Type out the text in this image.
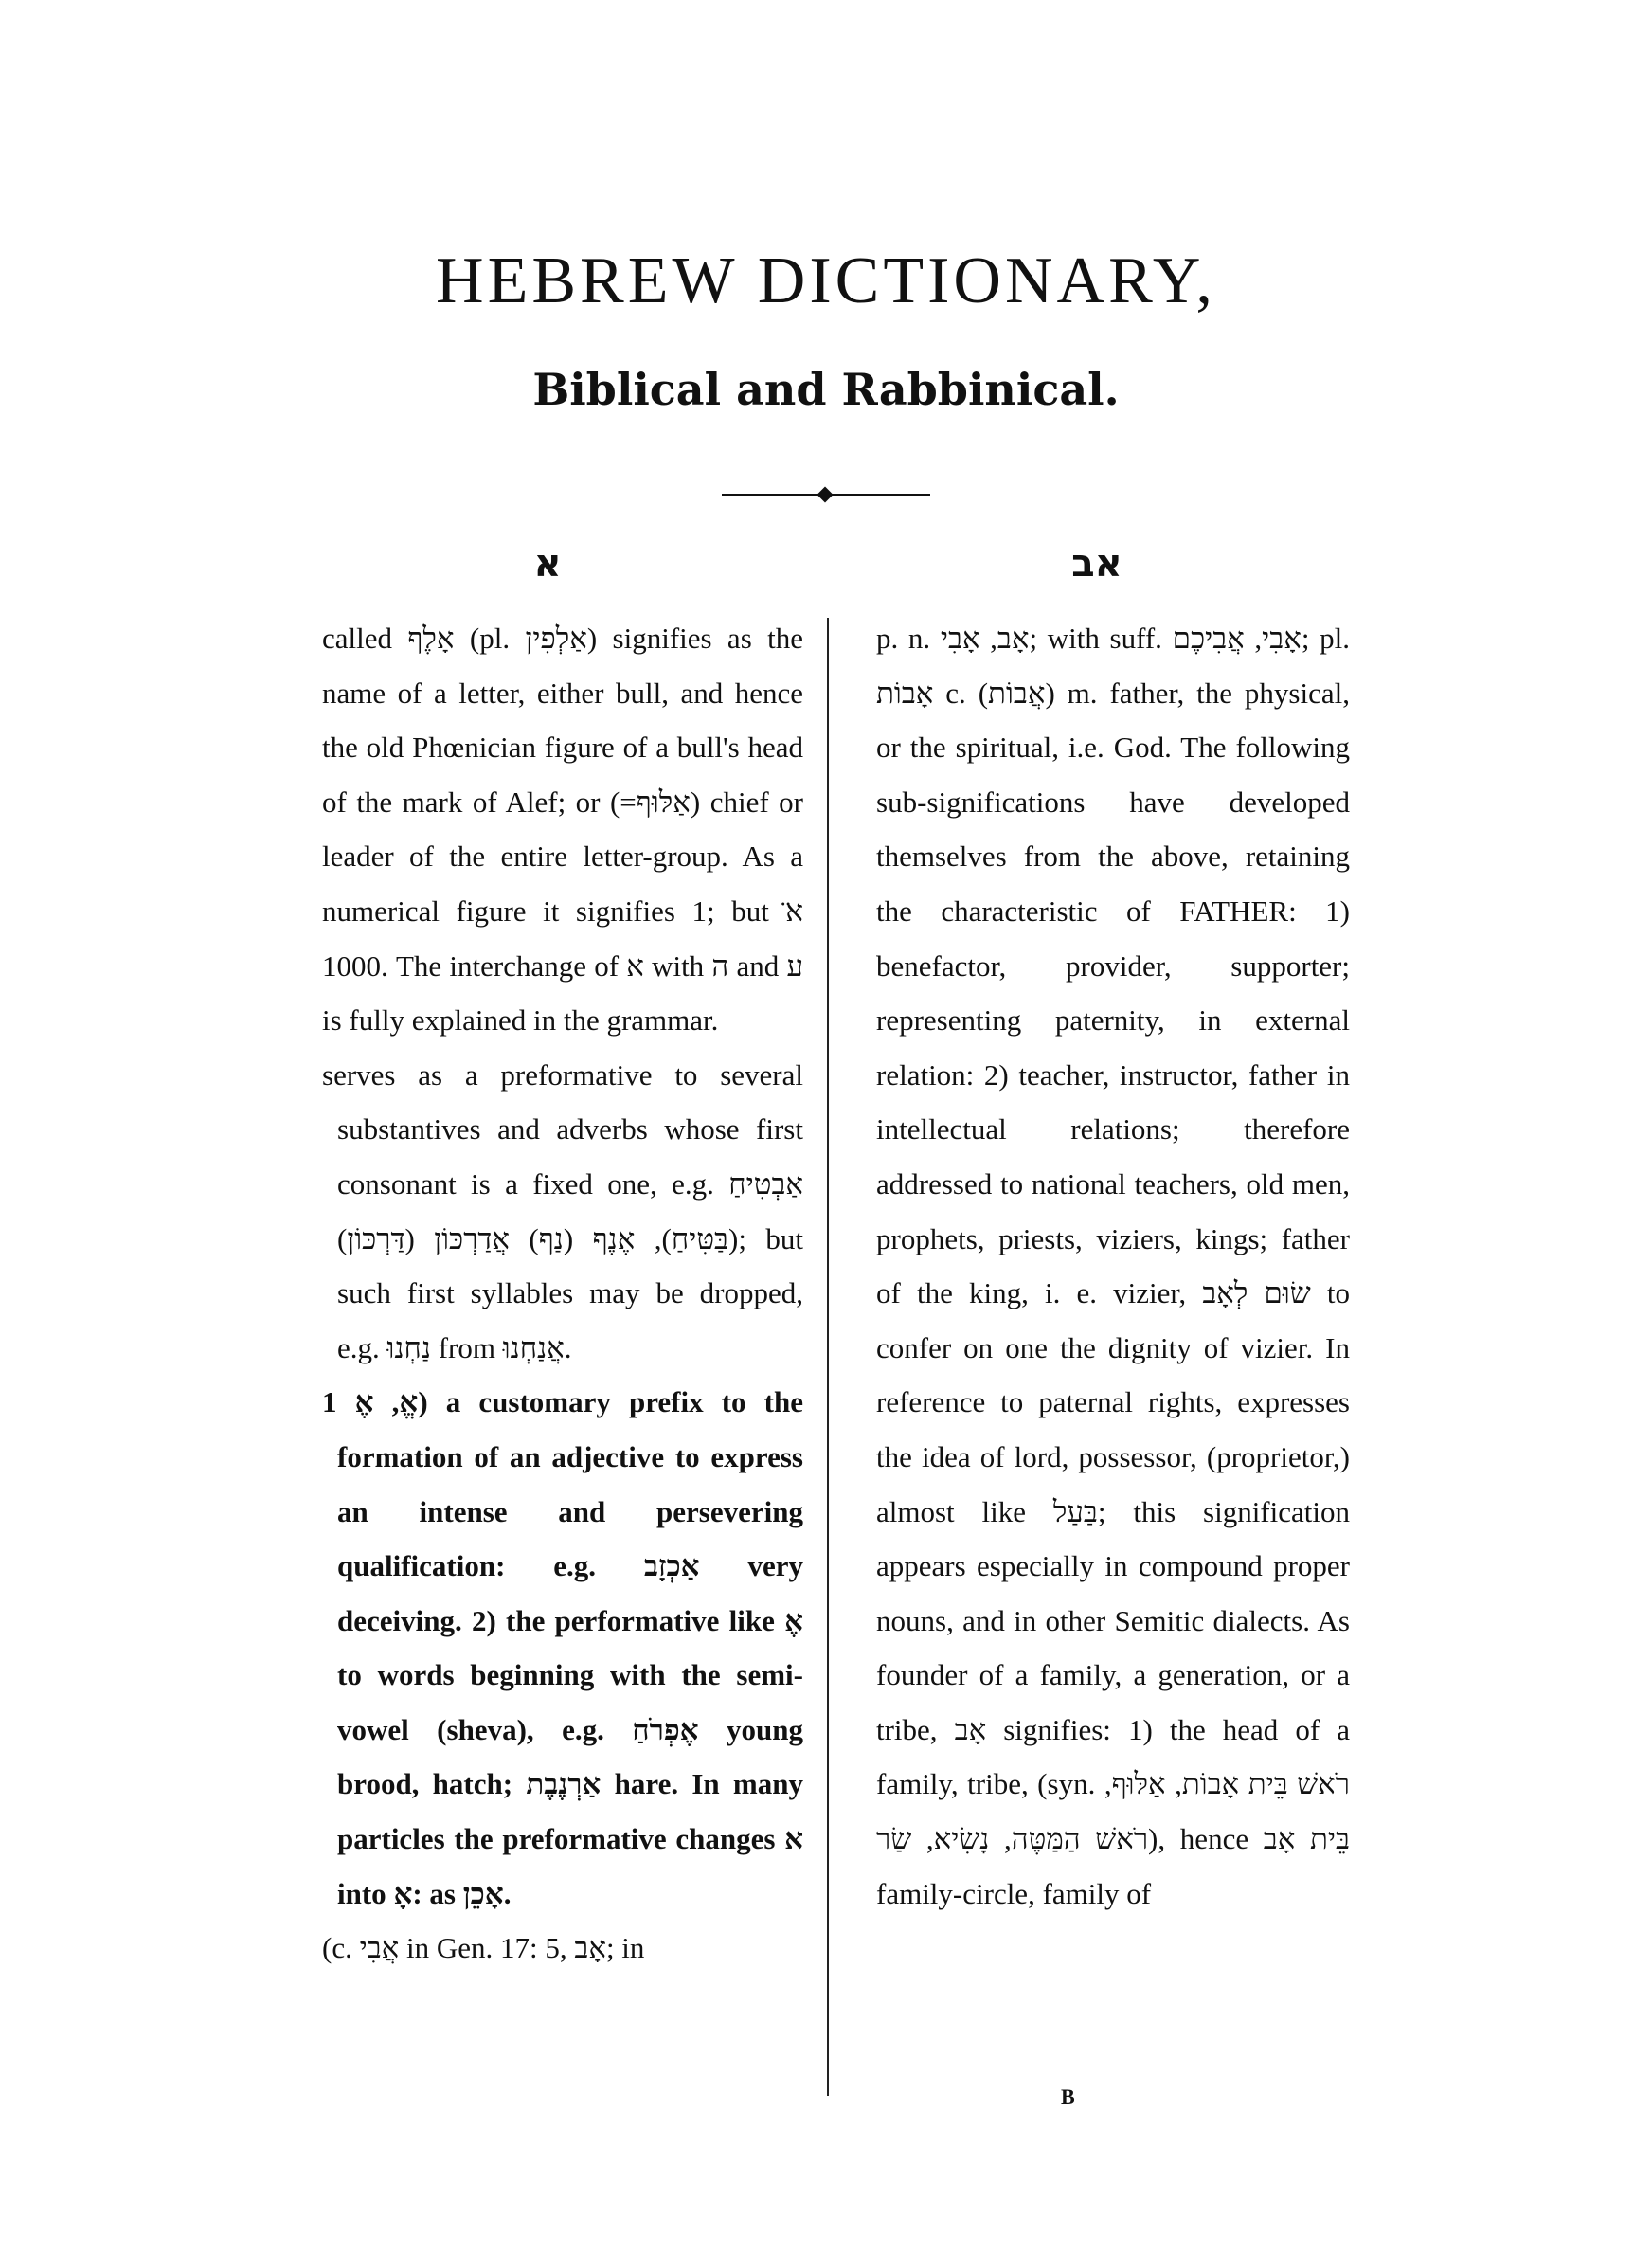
HEBREW DICTIONARY,
Biblical and Rabbinical.
א	אב

called אָלֶף (pl. אַלְפִין) signifies as the name of a letter, either bull, and hence the old Phœnician figure of a bull's head of the mark of Alef; or (=אַלּוּף) chief or leader of the entire letter-group. As a numerical figure it signifies 1; but א̈ 1000. The interchange of א with ה and ע is fully explained in the grammar.

serves as a preformative to several substantives and adverbs whose first consonant is a fixed one, e.g. אַבְטִיחַ (בַּטִּיחַ), אֶנֶף (נַף) אֲדַרְכּוֹן (דַּרְכּוֹן); but such first syllables may be dropped, e.g. נַחְנוּ from אֲנַחְנוּ.

אֱ, אֶ 1) a customary prefix to the formation of an adjective to express an intense and persevering qualification: e.g. אַכְזָב very deceiving. 2) the performative like אֶ to words beginning with the semi-vowel (sheva), e.g. אֶפְרֹחַ young brood, hatch; אַרְנֶבֶת hare. In many particles the preformative changes א into אָ: as אָכֵן.

(c. אֲבִי in Gen. 17: 5, אָב; in

p. n. אָב, אָבִי; with suff. אָבִי, אֲבִיכֶם; pl. אָבוֹת c. (אֲבוֹת) m. father, the physical, or the spiritual, i.e. God. The following sub-significations have developed themselves from the above, retaining the characteristic of FATHER: 1) benefactor, provider, supporter; representing paternity, in external relation: 2) teacher, instructor, father in intellectual relations; therefore addressed to national teachers, old men, prophets, priests, viziers, kings; father of the king, i. e. vizier, שׂוּם לְאָב to confer on one the dignity of vizier. In reference to paternal rights, expresses the idea of lord, possessor, (proprietor,) almost like בַּעַל; this signification appears especially in compound proper nouns, and in other Semitic dialects. As founder of a family, a generation, or a tribe, אָב signifies: 1) the head of a family, tribe, (syn. רֹאשׁ בֵּית אָבוֹת, אַלּוּף, רֹאשׁ הַמַּטֶּה, נָשִׂיא, שַׂר), hence בֵּית אָב family-circle, family of

B
